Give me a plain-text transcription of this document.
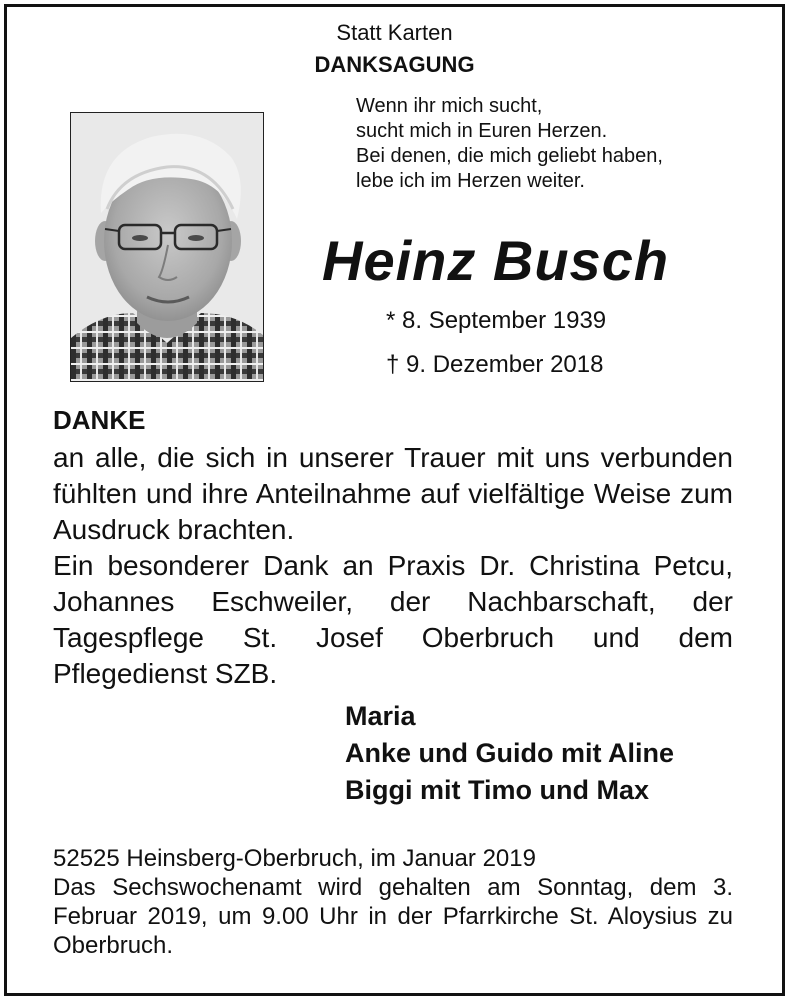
Statt Karten
DANKSAGUNG
Wenn ihr mich sucht,
sucht mich in Euren Herzen.
Bei denen, die mich geliebt haben,
lebe ich im Herzen weiter.
Heinz Busch
* 8. September 1939
† 9. Dezember 2018
DANKE

an alle, die sich in unserer Trauer mit uns verbunden fühlten und ihre Anteilnahme auf vielfältige Weise zum Ausdruck brachten.

Ein besonderer Dank an Praxis Dr. Christina Petcu, Johannes Eschweiler, der Nachbarschaft, der Tagespflege St. Josef Oberbruch und dem Pflegedienst SZB.

Maria
Anke und Guido mit Aline
Biggi mit Timo und Max

52525 Heinsberg-Oberbruch, im Januar 2019

Das Sechswochenamt wird gehalten am Sonntag, dem 3. Februar 2019, um 9.00 Uhr in der Pfarrkirche St. Aloysius zu Oberbruch.
